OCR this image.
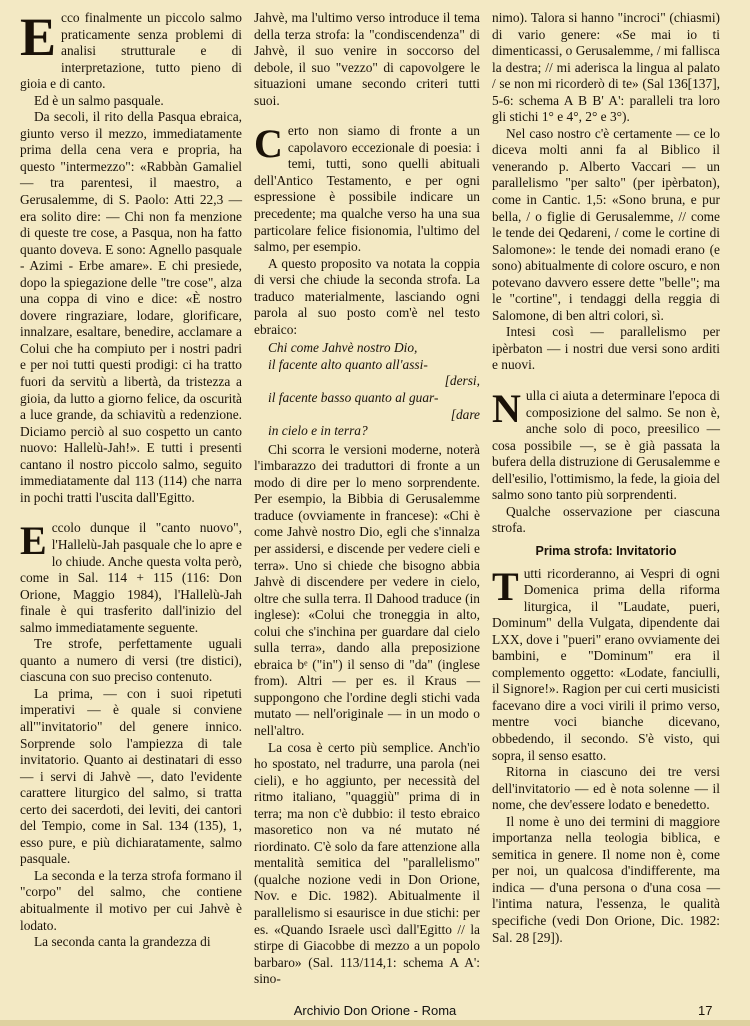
Ecco finalmente un piccolo salmo praticamente senza problemi di analisi strutturale e di interpretazione, tutto pieno di gioia e di canto.

Ed è un salmo pasquale.

Da secoli, il rito della Pasqua ebraica, giunto verso il mezzo, immediatamente prima della cena vera e propria, ha questo "intermezzo": «Rabbàn Gamaliel — tra parentesi, il maestro, a Gerusalemme, di S. Paolo: Atti 22,3 — era solito dire: — Chi non fa menzione di queste tre cose, a Pasqua, non ha fatto quanto doveva. E sono: Agnello pasquale - Azimi - Erbe amare». E chi presiede, dopo la spiegazione delle "tre cose", alza una coppa di vino e dice: «È nostro dovere ringraziare, lodare, glorificare, innalzare, esaltare, benedire, acclamare a Colui che ha compiuto per i nostri padri e per noi tutti questi prodigi: ci ha tratto fuori da servitù a libertà, da tristezza a gioia, da lutto a giorno felice, da oscurità a luce grande, da schiavitù a redenzione. Diciamo perciò al suo cospetto un canto nuovo: Hallelù-Jah!». E tutti i presenti cantano il nostro piccolo salmo, seguito immediatamente dal 113 (114) che narra in pochi tratti l'uscita dall'Egitto.

Eccolo dunque il "canto nuovo", l'Hallelù-Jah pasquale che lo apre e lo chiude. Anche questa volta però, come in Sal. 114 + 115 (116: Don Orione, Maggio 1984), l'Hallelù-Jah finale è qui trasferito dall'inizio del salmo immediatamente seguente.

Tre strofe, perfettamente uguali quanto a numero di versi (tre distici), ciascuna con suo preciso contenuto.

La prima, — con i suoi ripetuti imperativi — è quale si conviene all'"invitatorio" del genere innico. Sorprende solo l'ampiezza di tale invitatorio. Quanto ai destinatari di esso — i servi di Jahvè —, dato l'evidente carattere liturgico del salmo, si tratta certo dei sacerdoti, dei leviti, dei cantori del Tempio, come in Sal. 134 (135), 1, esso pure, e più dichiaratamente, salmo pasquale.

La seconda e la terza strofa formano il "corpo" del salmo, che contiene abitualmente il motivo per cui Jahvè è lodato.

La seconda canta la grandezza di

Jahvè, ma l'ultimo verso introduce il tema della terza strofa: la "condiscendenza" di Jahvè, il suo venire in soccorso del debole, il suo "vezzo" di capovolgere le situazioni umane secondo criteri tutti suoi.

Certo non siamo di fronte a un capolavoro eccezionale di poesia: i temi, tutti, sono quelli abituali dell'Antico Testamento, e per ogni espressione è possibile indicare un precedente; ma qualche verso ha una sua particolare felice fisionomia, l'ultimo del salmo, per esempio.

A questo proposito va notata la coppia di versi che chiude la seconda strofa. La traduco materialmente, lasciando ogni parola al suo posto com'è nel testo ebraico:

Chi come Jahvè nostro Dio,
il facente alto quanto all'assi-
[dersi,
il facente basso quanto al guar-
[dare
in cielo e in terra?

Chi scorra le versioni moderne, noterà l'imbarazzo dei traduttori di fronte a un modo di dire per lo meno sorprendente. Per esempio, la Bibbia di Gerusalemme traduce (ovviamente in francese): «Chi è come Jahvè nostro Dio, egli che s'innalza per assidersi, e discende per vedere cieli e terra». Uno si chiede che bisogno abbia Jahvè di discendere per vedere in cielo, oltre che sulla terra. Il Dahood traduce (in inglese): «Colui che troneggia in alto, colui che s'inchina per guardare dal cielo sulla terra», dando alla preposizione ebraica bᵉ ("in") il senso di "da" (inglese from). Altri — per es. il Kraus — suppongono che l'ordine degli stichi vada mutato — nell'originale — in un modo o nell'altro.

La cosa è certo più semplice. Anch'io ho spostato, nel tradurre, una parola (nei cieli), e ho aggiunto, per necessità del ritmo italiano, "quaggiù" prima di in terra; ma non c'è dubbio: il testo ebraico masoretico non va né mutato né riordinato. C'è solo da fare attenzione alla mentalità semitica del "parallelismo" (qualche nozione vedi in Don Orione, Nov. e Dic. 1982). Abitualmente il parallelismo si esaurisce in due stichi: per es. «Quando Israele uscì dall'Egitto // la stirpe di Giacobbe di mezzo a un popolo barbaro» (Sal. 113/114,1: schema A A': sino-

nimo). Talora si hanno "incroci" (chiasmi) di vario genere: «Se mai io ti dimenticassi, o Gerusalemme, / mi fallisca la destra; // mi aderisca la lingua al palato / se non mi ricorderò di te» (Sal 136[137], 5-6: schema A B B' A': paralleli tra loro gli stichi 1° e 4°, 2° e 3°).

Nel caso nostro c'è certamente — ce lo diceva molti anni fa al Biblico il venerando p. Alberto Vaccari — un parallelismo "per salto" (per ipèrbaton), come in Cantic. 1,5: «Sono bruna, e pur bella, / o figlie di Gerusalemme, // come le tende dei Qedareni, / come le cortine di Salomone»: le tende dei nomadi erano (e sono) abitualmente di colore oscuro, e non potevano davvero essere dette "belle"; ma le "cortine", i tendaggi della reggia di Salomone, di ben altri colori, sì.

Intesi così — parallelismo per ipèrbaton — i nostri due versi sono arditi e nuovi.

Nulla ci aiuta a determinare l'epoca di composizione del salmo. Se non è, anche solo di poco, preesilico — cosa possibile —, se è già passata la bufera della distruzione di Gerusalemme e dell'esilio, l'ottimismo, la fede, la gioia del salmo sono tanto più sorprendenti.

Qualche osservazione per ciascuna strofa.

Prima strofa: Invitatorio

Tutti ricorderanno, ai Vespri di ogni Domenica prima della riforma liturgica, il "Laudate, pueri, Dominum" della Vulgata, dipendente dai LXX, dove i "pueri" erano ovviamente dei bambini, e "Dominum" era il complemento oggetto: «Lodate, fanciulli, il Signore!». Ragion per cui certi musicisti facevano dire a voci virili il primo verso, mentre voci bianche dicevano, obbedendo, il secondo. S'è visto, qui sopra, il senso esatto.

Ritorna in ciascuno dei tre versi dell'invitatorio — ed è nota solenne — il nome, che dev'essere lodato e benedetto.

Il nome è uno dei termini di maggiore importanza nella teologia biblica, e semitica in genere. Il nome non è, come per noi, un qualcosa d'indifferente, ma indica — d'una persona o d'una cosa — l'intima natura, l'essenza, le qualità specifiche (vedi Don Orione, Dic. 1982: Sal. 28 [29]).

Archivio Don Orione - Roma	17
